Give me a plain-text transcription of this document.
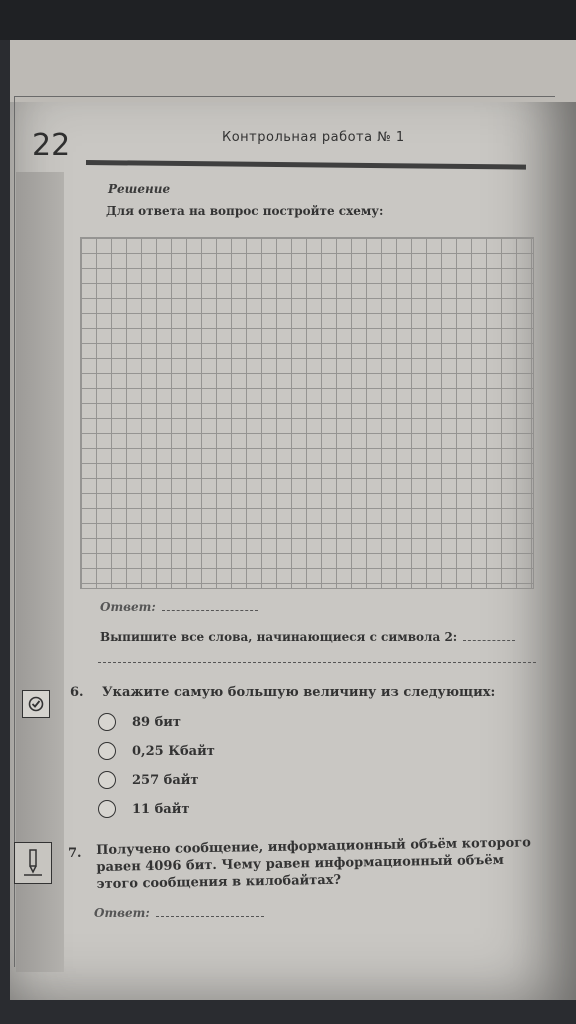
22	Контрольная работа № 1
Решение
Для ответа на вопрос постройте схему:
Ответ:
Выпишите все слова, начинающиеся с символа 2:
6. Укажите самую большую величину из следующих:
89 бит
0,25 Кбайт
257 байт
11 байт
7. Получено сообщение, информационный объём которого равен 4096 бит. Чему равен информационный объём этого сообщения в килобайтах?
Ответ:
